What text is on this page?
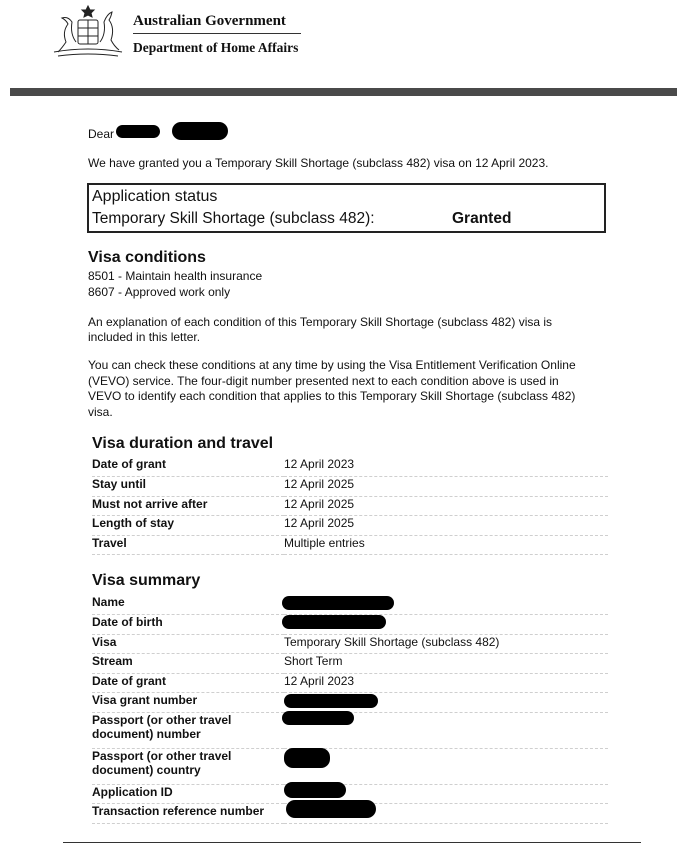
Australian Government
Department of Home Affairs
Dear
We have granted you a Temporary Skill Shortage (subclass 482) visa on 12 April 2023.
Application status
Temporary Skill Shortage (subclass 482):	Granted
Visa conditions
8501 - Maintain health insurance
8607 - Approved work only
An explanation of each condition of this Temporary Skill Shortage (subclass 482) visa is
included in this letter.
You can check these conditions at any time by using the Visa Entitlement Verification Online
(VEVO) service. The four-digit number presented next to each condition above is used in
VEVO to identify each condition that applies to this Temporary Skill Shortage (subclass 482)
visa.
Visa duration and travel
Date of grant	12 April 2023
Stay until	12 April 2025
Must not arrive after	12 April 2025
Length of stay	12 April 2025
Travel	Multiple entries
Visa summary
Name	
Date of birth	
Visa	Temporary Skill Shortage (subclass 482)
Stream	Short Term
Date of grant	12 April 2023
Visa grant number	
Passport (or other travel document) number	
Passport (or other travel document) country	
Application ID	
Transaction reference number	
